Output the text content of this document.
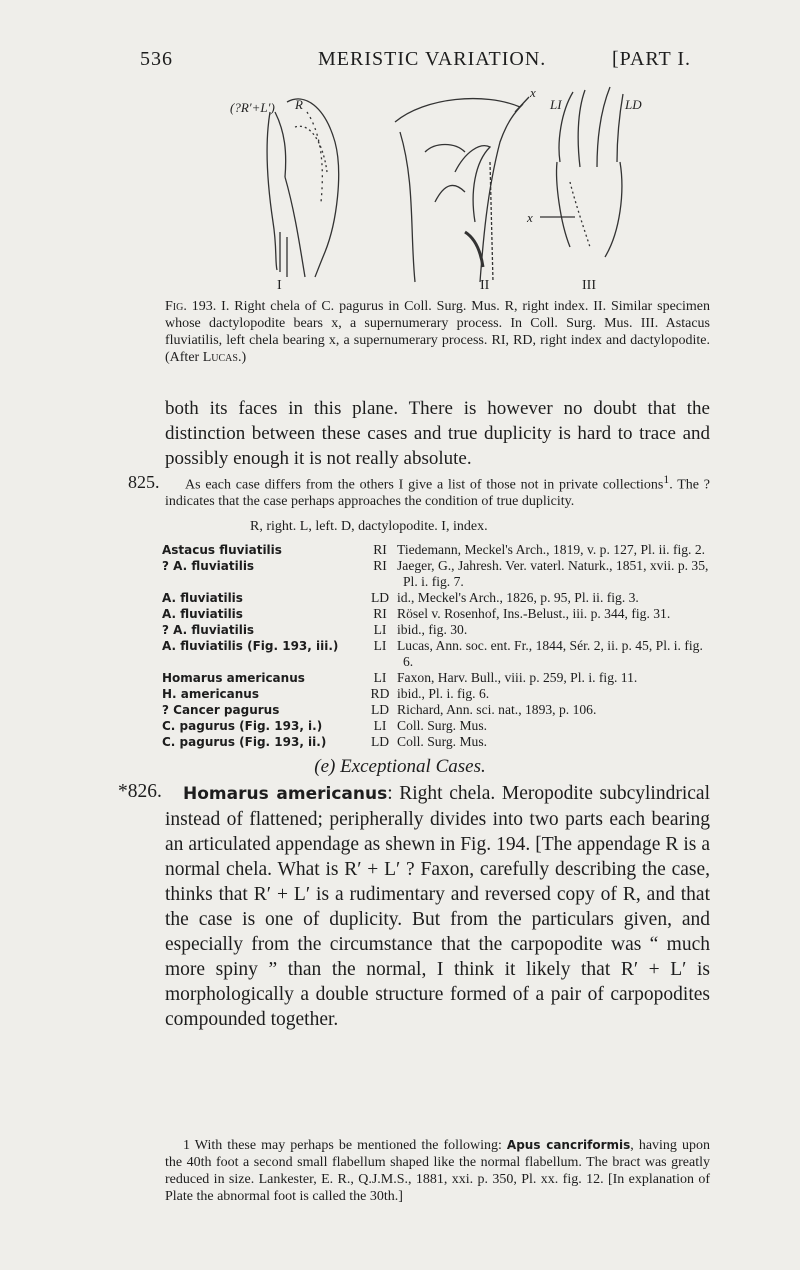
536	MERISTIC VARIATION.	[PART I.
(?R′+L′) R
x
LI	LD
x
I	II	III
Fig. 193. I. Right chela of C. pagurus in Coll. Surg. Mus. R, right index. II. Similar specimen whose dactylopodite bears x, a supernumerary process. In Coll. Surg. Mus. III. Astacus fluviatilis, left chela bearing x, a supernumerary process. RI, RD, right index and dactylopodite. (After Lucas.)
both its faces in this plane. There is however no doubt that the distinction between these cases and true duplicity is hard to trace and possibly enough it is not really absolute.
825.	As each case differs from the others I give a list of those not in private collections$^1$. The ? indicates that the case perhaps approaches the condition of true duplicity.
R, right. L, left. D, dactylopodite. I, index.
Astacus fluviatilis	RI	Tiedemann, Meckel's Arch., 1819, v. p. 127, Pl. ii. fig. 2.
? A. fluviatilis	RI	Jaeger, G., Jahresh. Ver. vaterl. Naturk., 1851, xvii. p. 35, Pl. i. fig. 7.
A. fluviatilis	LD	id., Meckel's Arch., 1826, p. 95, Pl. ii. fig. 3.
A. fluviatilis	RI	Rösel v. Rosenhof, Ins.-Belust., iii. p. 344, fig. 31.
? A. fluviatilis	LI	ibid., fig. 30.
A. fluviatilis (Fig. 193, iii.)	LI	Lucas, Ann. soc. ent. Fr., 1844, Sér. 2, ii. p. 45, Pl. i. fig. 6.
Homarus americanus	LI	Faxon, Harv. Bull., viii. p. 259, Pl. i. fig. 11.
H. americanus	RD	ibid., Pl. i. fig. 6.
? Cancer pagurus	LD	Richard, Ann. sci. nat., 1893, p. 106.
C. pagurus (Fig. 193, i.)	LI	Coll. Surg. Mus.
C. pagurus (Fig. 193, ii.)	LD	Coll. Surg. Mus.
(e) Exceptional Cases.
*826.	Homarus americanus: Right chela. Meropodite subcylindrical instead of flattened; peripherally divides into two parts each bearing an articulated appendage as shewn in Fig. 194. [The appendage R is a normal chela. What is R′ + L′ ? Faxon, carefully describing the case, thinks that R′ + L′ is a rudimentary and reversed copy of R, and that the case is one of duplicity. But from the particulars given, and especially from the circumstance that the carpopodite was “ much more spiny ” than the normal, I think it likely that R′ + L′ is morphologically a double structure formed of a pair of carpopodites compounded together.
1 With these may perhaps be mentioned the following: Apus cancriformis, having upon the 40th foot a second small flabellum shaped like the normal flabellum. The bract was greatly reduced in size. Lankester, E. R., Q.J.M.S., 1881, xxi. p. 350, Pl. xx. fig. 12. [In explanation of Plate the abnormal foot is called the 30th.]
